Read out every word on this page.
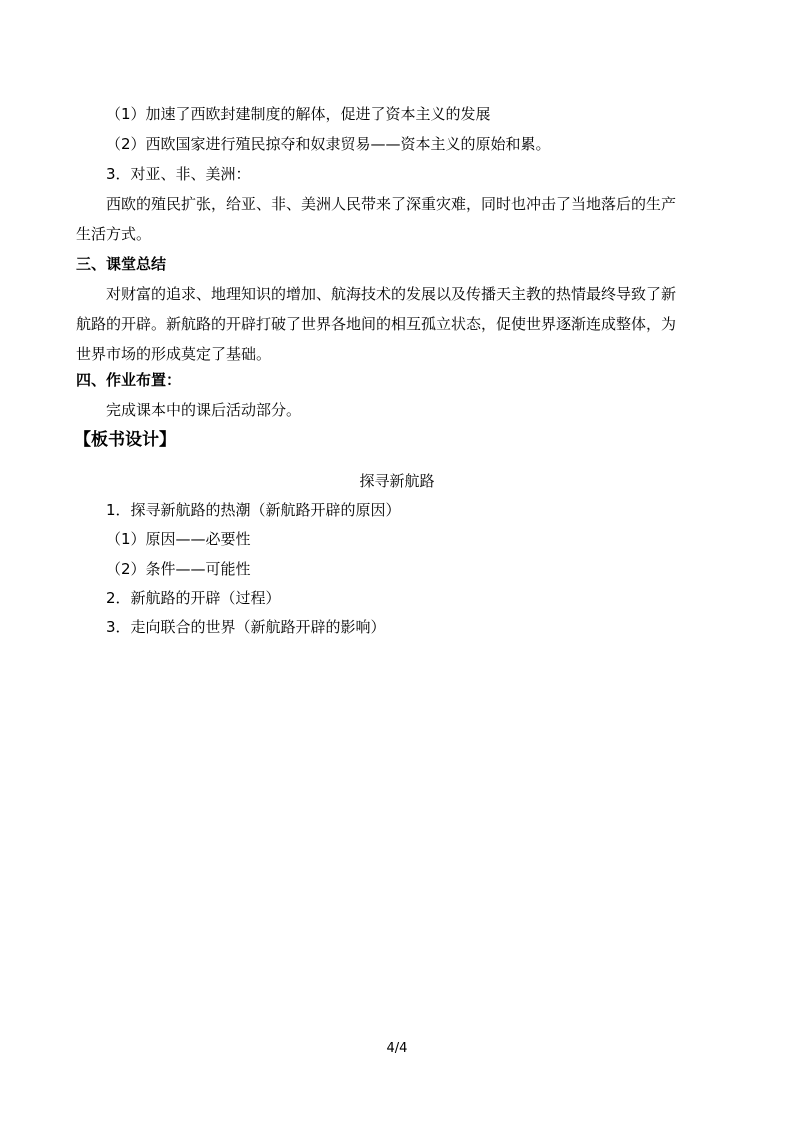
（1）加速了西欧封建制度的解体，促进了资本主义的发展
（2）西欧国家进行殖民掠夺和奴隶贸易——资本主义的原始和累。
3．对亚、非、美洲：
西欧的殖民扩张，给亚、非、美洲人民带来了深重灾难，同时也冲击了当地落后的生产
生活方式。
三、课堂总结
对财富的追求、地理知识的增加、航海技术的发展以及传播天主教的热情最终导致了新
航路的开辟。新航路的开辟打破了世界各地间的相互孤立状态，促使世界逐渐连成整体，为
世界市场的形成莫定了基础。
四、作业布置：
完成课本中的课后活动部分。
【板书设计】
探寻新航路
1．探寻新航路的热潮（新航路开辟的原因）
（1）原因——必要性
（2）条件——可能性
2．新航路的开辟（过程）
3．走向联合的世界（新航路开辟的影响）
4/4
